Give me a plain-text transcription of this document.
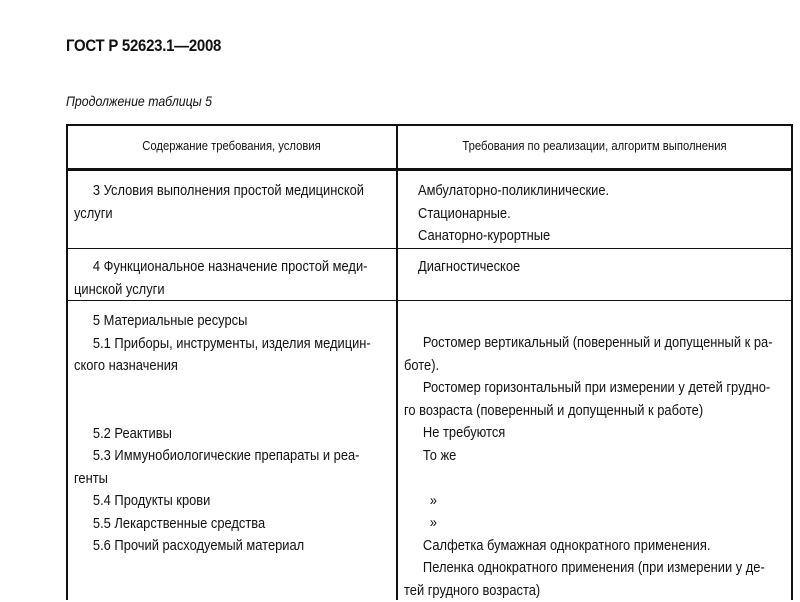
ГОСТ Р 52623.1—2008
Продолжение таблицы 5
Содержание требования, условия	Требования по реализации, алгоритм выполнения
3 Условия выполнения простой медицинской
услуги
Амбулаторно-поликлинические.
Стационарные.
Санаторно-курортные
4 Функциональное назначение простой меди-
цинской услуги
Диагностическое
5 Материальные ресурсы
5.1 Приборы, инструменты, изделия медицин-
ского назначения
5.2 Реактивы
5.3 Иммунобиологические препараты и реа-
генты
5.4 Продукты крови
5.5 Лекарственные средства
5.6 Прочий расходуемый материал
Ростомер вертикальный (поверенный и допущенный к ра-
боте).
Ростомер горизонтальный при измерении у детей грудно-
го возраста (поверенный и допущенный к работе)
Не требуются
То же
»
»
Салфетка бумажная однократного применения.
Пеленка однократного применения (при измерении у де-
тей грудного возраста)
